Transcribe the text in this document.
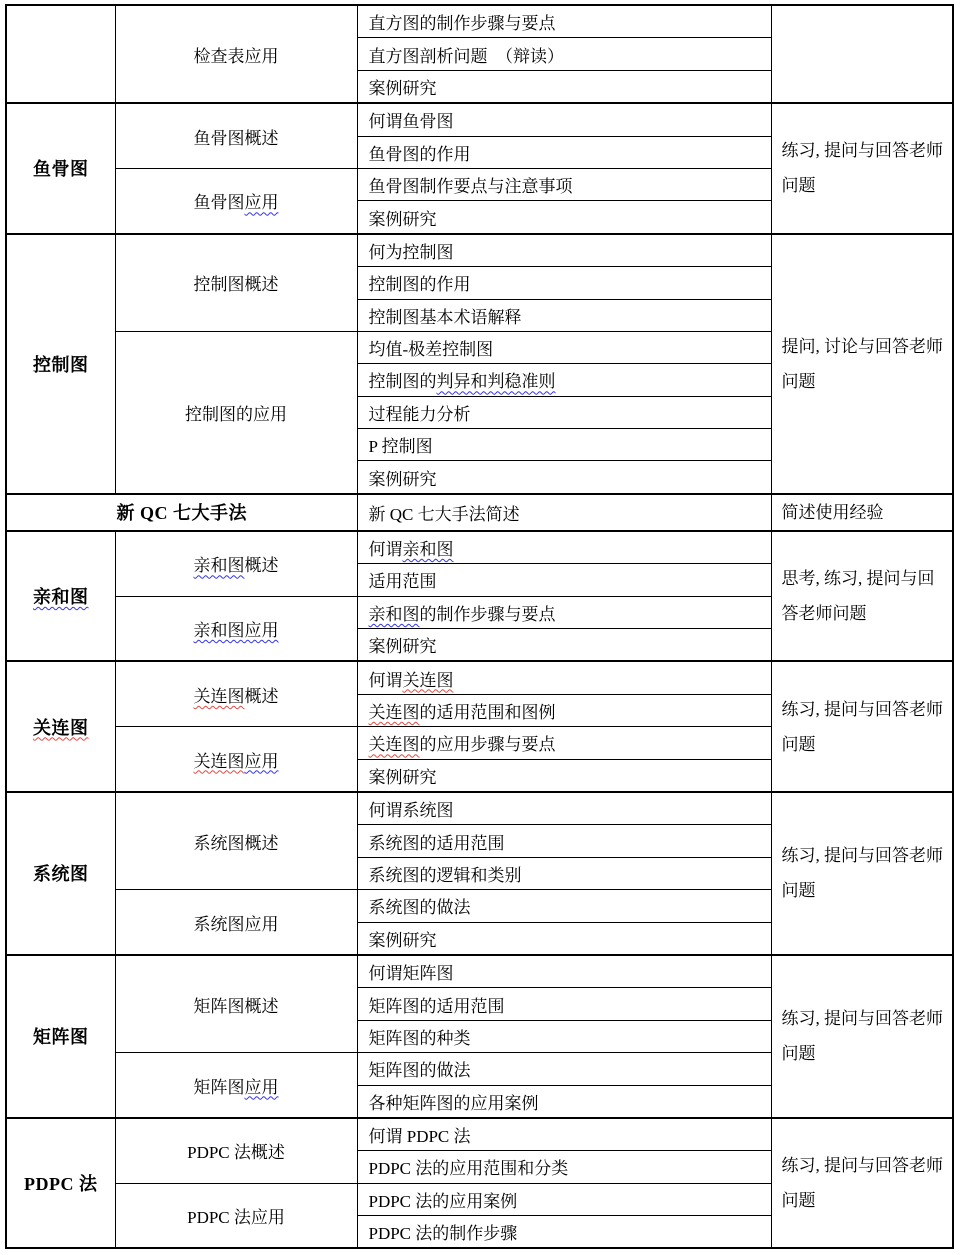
	检查表应用	直方图的制作步骤与要点	
		直方图剖析问题　（辩读）	
		案例研究	
鱼骨图	鱼骨图概述	何谓鱼骨图	练习, 提问与回答老师问题
		鱼骨图的作用	
	鱼骨图应用	鱼骨图制作要点与注意事项	
		案例研究	
控制图	控制图概述	何为控制图	提问, 讨论与回答老师问题
		控制图的作用	
		控制图基本术语解释	
	控制图的应用	均值-极差控制图	
		控制图的判异和判稳准则	
		过程能力分析	
		P 控制图	
		案例研究	
新 QC 七大手法		新 QC 七大手法简述	简述使用经验
亲和图	亲和图概述	何谓亲和图	思考, 练习, 提问与回答老师问题
		适用范围	
	亲和图应用	亲和图的制作步骤与要点	
		案例研究	
关连图	关连图概述	何谓关连图	练习, 提问与回答老师问题
		关连图的适用范围和图例	
	关连图应用	关连图的应用步骤与要点	
		案例研究	
系统图	系统图概述	何谓系统图	练习, 提问与回答老师问题
		系统图的适用范围	
		系统图的逻辑和类别	
	系统图应用	系统图的做法	
		案例研究	
矩阵图	矩阵图概述	何谓矩阵图	练习, 提问与回答老师问题
		矩阵图的适用范围	
		矩阵图的种类	
	矩阵图应用	矩阵图的做法	
		各种矩阵图的应用案例	
PDPC 法	PDPC 法概述	何谓 PDPC 法	练习, 提问与回答老师问题
		PDPC 法的应用范围和分类	
	PDPC 法应用	PDPC 法的应用案例	
		PDPC 法的制作步骤	
